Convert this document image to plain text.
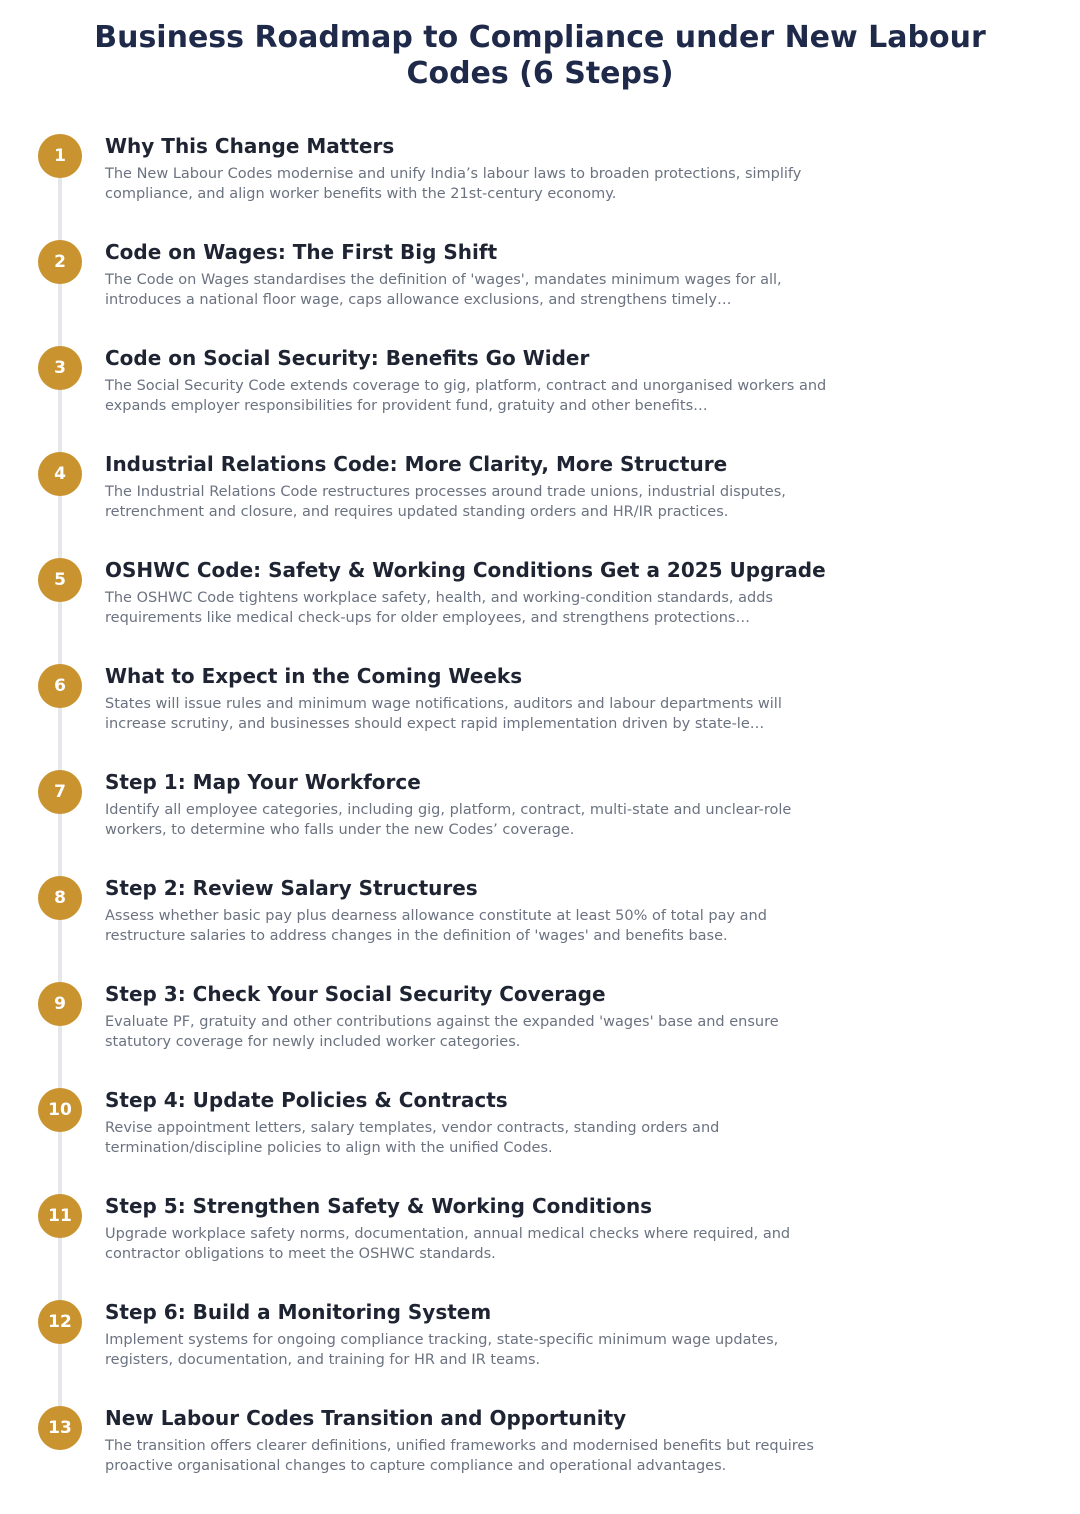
Business Roadmap to Compliance under New Labour Codes (6 Steps)
1	Why This Change Matters
The New Labour Codes modernise and unify India’s labour laws to broaden protections, simplify compliance, and align worker benefits with the 21st-century economy.
2	Code on Wages: The First Big Shift
The Code on Wages standardises the definition of 'wages', mandates minimum wages for all, introduces a national floor wage, caps allowance exclusions, and strengthens timely…
3	Code on Social Security: Benefits Go Wider
The Social Security Code extends coverage to gig, platform, contract and unorganised workers and expands employer responsibilities for provident fund, gratuity and other benefits…
4	Industrial Relations Code: More Clarity, More Structure
The Industrial Relations Code restructures processes around trade unions, industrial disputes, retrenchment and closure, and requires updated standing orders and HR/IR practices.
5	OSHWC Code: Safety & Working Conditions Get a 2025 Upgrade
The OSHWC Code tightens workplace safety, health, and working-condition standards, adds requirements like medical check-ups for older employees, and strengthens protections…
6	What to Expect in the Coming Weeks
States will issue rules and minimum wage notifications, auditors and labour departments will increase scrutiny, and businesses should expect rapid implementation driven by state-le…
7	Step 1: Map Your Workforce
Identify all employee categories, including gig, platform, contract, multi-state and unclear-role workers, to determine who falls under the new Codes’ coverage.
8	Step 2: Review Salary Structures
Assess whether basic pay plus dearness allowance constitute at least 50% of total pay and restructure salaries to address changes in the definition of 'wages' and benefits base.
9	Step 3: Check Your Social Security Coverage
Evaluate PF, gratuity and other contributions against the expanded 'wages' base and ensure statutory coverage for newly included worker categories.
10	Step 4: Update Policies & Contracts
Revise appointment letters, salary templates, vendor contracts, standing orders and termination/discipline policies to align with the unified Codes.
11	Step 5: Strengthen Safety & Working Conditions
Upgrade workplace safety norms, documentation, annual medical checks where required, and contractor obligations to meet the OSHWC standards.
12	Step 6: Build a Monitoring System
Implement systems for ongoing compliance tracking, state-specific minimum wage updates, registers, documentation, and training for HR and IR teams.
13	New Labour Codes Transition and Opportunity
The transition offers clearer definitions, unified frameworks and modernised benefits but requires proactive organisational changes to capture compliance and operational advantages.
